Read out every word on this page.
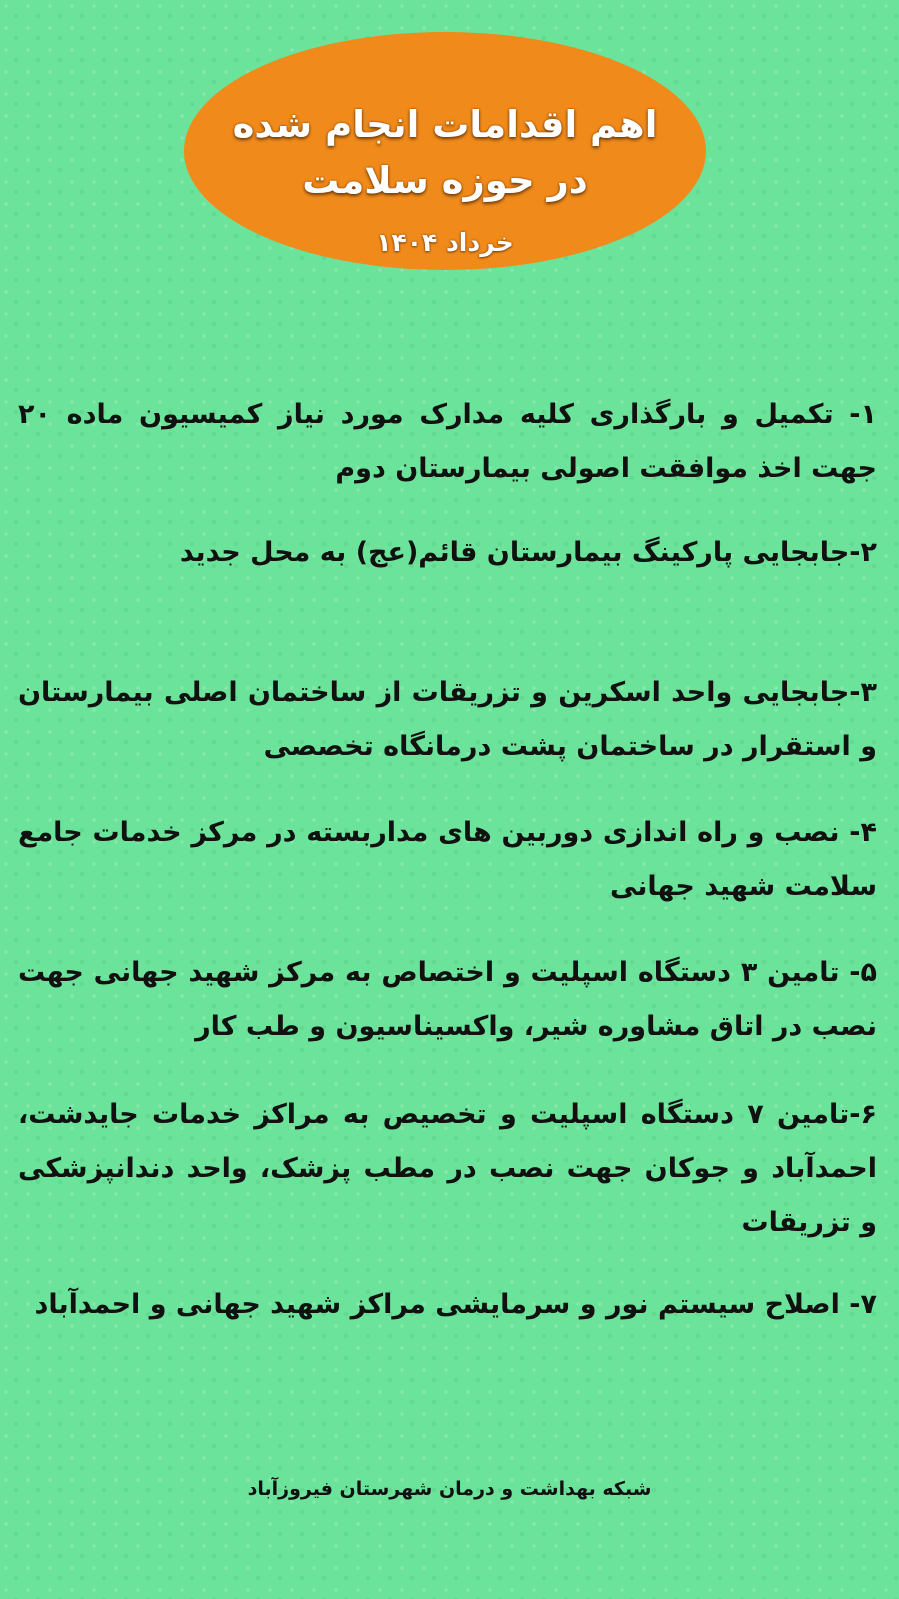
اهم اقدامات انجام شده
در حوزه سلامت
خرداد ۱۴۰۴

۱- تکمیل و بارگذاری کلیه مدارک مورد نیاز کمیسیون ماده ۲۰ جهت اخذ موافقت اصولی بیمارستان دوم

۲-جابجایی پارکینگ بیمارستان قائم(عج) به محل جدید

۳-جابجایی واحد اسکرین و تزریقات از ساختمان اصلی بیمارستان و استقرار در ساختمان پشت درمانگاه تخصصی

۴- نصب و راه اندازی دوربین های مداربسته در مرکز خدمات جامع سلامت شهید جهانی

۵- تامین ۳ دستگاه اسپلیت و اختصاص به مرکز شهید جهانی جهت نصب در اتاق مشاوره شیر، واکسیناسیون و طب کار

۶-تامین ۷ دستگاه اسپلیت و تخصیص به مراکز خدمات جایدشت، احمدآباد و جوکان جهت نصب در مطب پزشک، واحد دندانپزشکی و تزریقات

۷- اصلاح سیستم نور و سرمایشی مراکز شهید جهانی و احمدآباد

شبکه بهداشت و درمان شهرستان فیروزآباد
